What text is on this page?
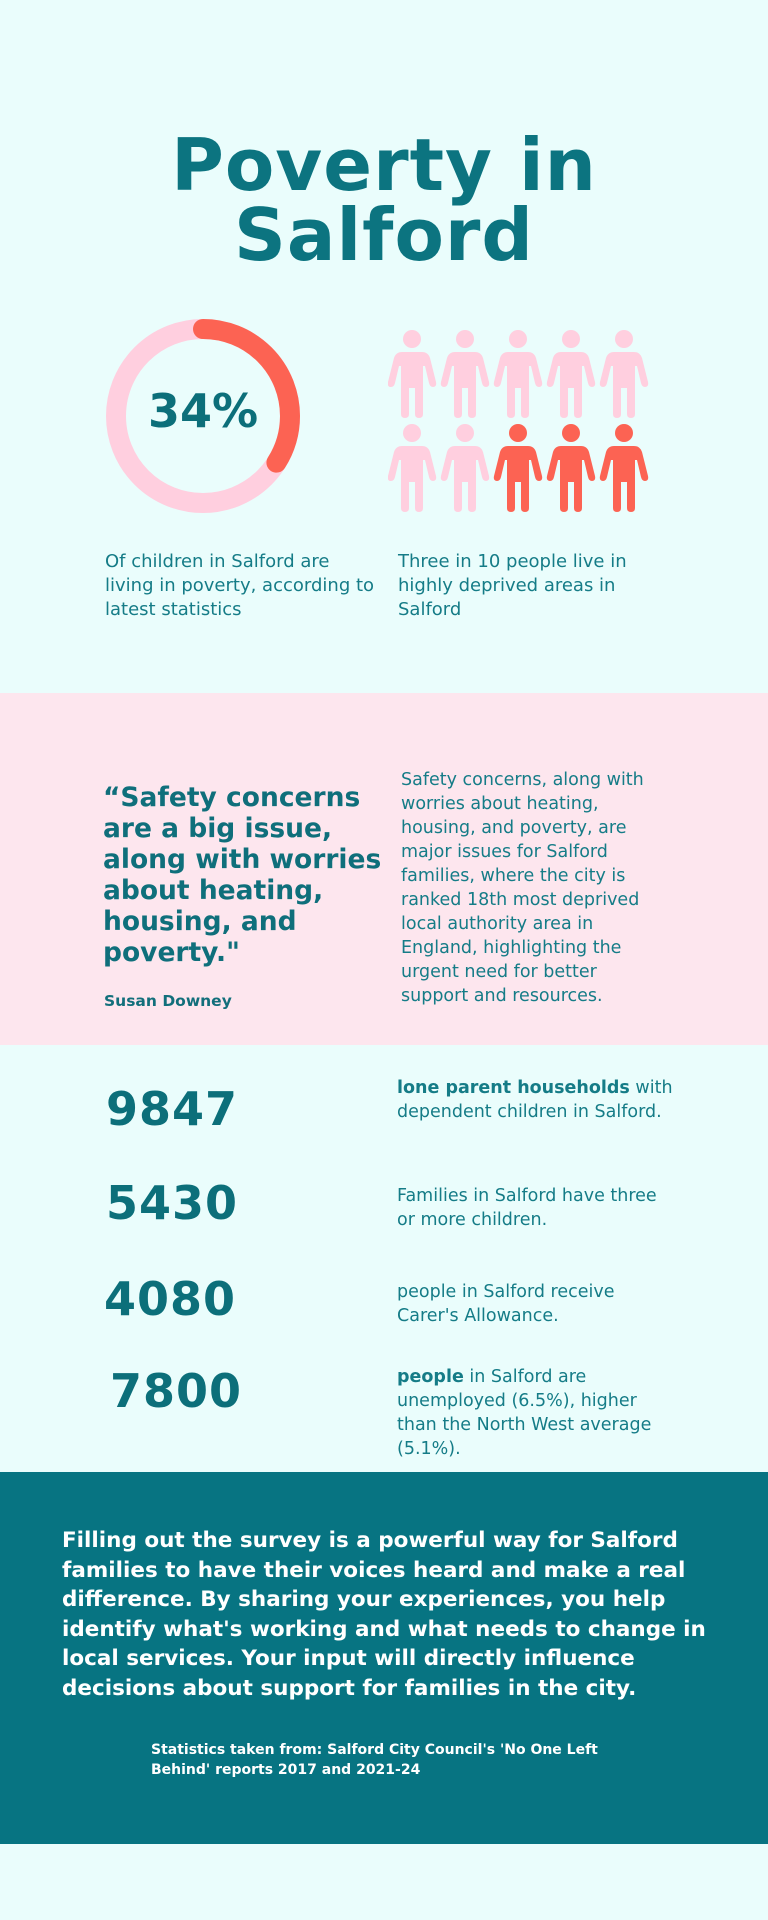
Poverty in
Salford
34%
Of children in Salford are living in poverty, according to latest statistics
Three in 10 people live in highly deprived areas in Salford
“Safety concerns are a big issue, along with worries about heating, housing, and poverty."
Susan Downey
Safety concerns, along with worries about heating, housing, and poverty, are major issues for Salford families, where the city is ranked 18th most deprived local authority area in England, highlighting the urgent need for better support and resources.
9847	lone parent households with dependent children in Salford.
5430	Families in Salford have three or more children.
4080	people in Salford receive Carer's Allowance.
7800	people in Salford are unemployed (6.5%), higher than the North West average (5.1%).
Filling out the survey is a powerful way for Salford families to have their voices heard and make a real difference. By sharing your experiences, you help identify what's working and what needs to change in local services. Your input will directly influence decisions about support for families in the city.
Statistics taken from: Salford City Council's 'No One Left Behind' reports 2017 and 2021-24
